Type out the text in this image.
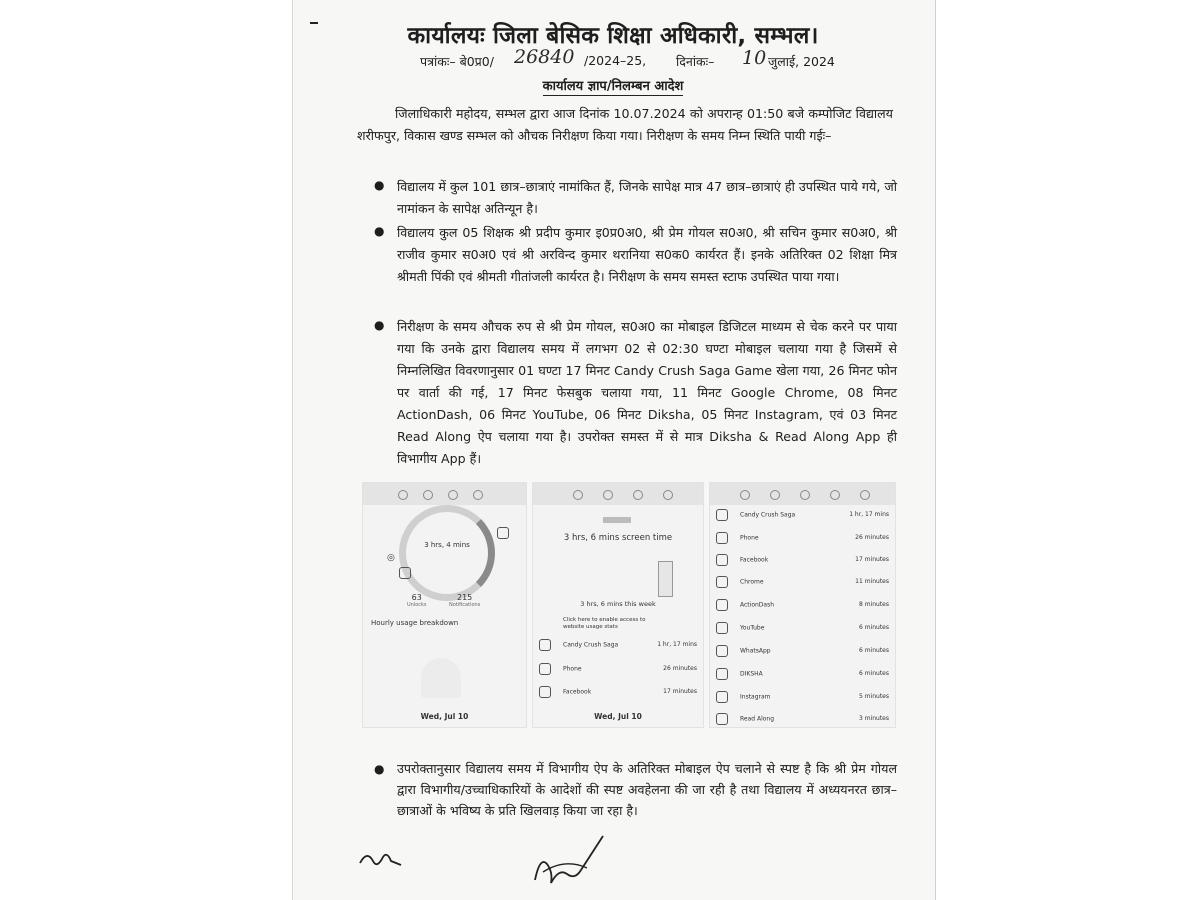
कार्यालयः जिला बेसिक शिक्षा अधिकारी, सम्भल।
पत्रांकः– बे0प्र0/ 26840 /2024–25, दिनांकः– 10 जुलाई, 2024
कार्यालय ज्ञाप/निलम्बन आदेश
जिलाधिकारी महोदय, सम्भल द्वारा आज दिनांक 10.07.2024 को अपरान्ह 01:50 बजे कम्पोजिट विद्यालय शरीफपुर, विकास खण्ड सम्भल को औचक निरीक्षण किया गया। निरीक्षण के समय निम्न स्थिति पायी गईः–
● विद्यालय में कुल 101 छात्र–छात्राएं नामांकित हैं, जिनके सापेक्ष मात्र 47 छात्र–छात्राएं ही उपस्थित पाये गये, जो नामांकन के सापेक्ष अतिन्यून है।
● विद्यालय कुल 05 शिक्षक श्री प्रदीप कुमार इ0प्र0अ0, श्री प्रेम गोयल स0अ0, श्री सचिन कुमार स0अ0, श्री राजीव कुमार स0अ0 एवं श्री अरविन्द कुमार थरानिया स0क0 कार्यरत हैं। इनके अतिरिक्त 02 शिक्षा मित्र श्रीमती पिंकी एवं श्रीमती गीतांजली कार्यरत है। निरीक्षण के समय समस्त स्टाफ उपस्थित पाया गया।
● निरीक्षण के समय औचक रुप से श्री प्रेम गोयल, स0अ0 का मोबाइल डिजिटल माध्यम से चेक करने पर पाया गया कि उनके द्वारा विद्यालय समय में लगभग 02 से 02:30 घण्टा मोबाइल चलाया गया है जिसमें से निम्नलिखित विवरणानुसार 01 घण्टा 17 मिनट Candy Crush Saga Game खेला गया, 26 मिनट फोन पर वार्ता की गई, 17 मिनट फेसबुक चलाया गया, 11 मिनट Google Chrome, 08 मिनट ActionDash, 06 मिनट YouTube, 06 मिनट Diksha, 05 मिनट Instagram, एवं 03 मिनट Read Along ऐप चलाया गया है। उपरोक्त समस्त में से मात्र Diksha & Read Along App ही विभागीय App हैं।
3 hrs, 4 mins
◎
63
Unlocks
215
Notifications
Hourly usage breakdown
Wed, Jul 10
3 hrs, 6 mins screen time
3 hrs, 6 mins this week
Click here to enable access to website usage stats
Candy Crush Saga	1 hr, 17 mins
Phone	26 minutes
Facebook	17 minutes
Wed, Jul 10
Candy Crush Saga	1 hr, 17 mins
Phone	26 minutes
Facebook	17 minutes
Chrome	11 minutes
ActionDash	8 minutes
YouTube	6 minutes
WhatsApp	6 minutes
DIKSHA	6 minutes
Instagram	5 minutes
Read Along	3 minutes
● उपरोक्तानुसार विद्यालय समय में विभागीय ऐप के अतिरिक्त मोबाइल ऐप चलाने से स्पष्ट है कि श्री प्रेम गोयल द्वारा विभागीय/उच्चाधिकारियों के आदेशों की स्पष्ट अवहेलना की जा रही है तथा विद्यालय में अध्ययनरत छात्र–छात्राओं के भविष्य के प्रति खिलवाड़ किया जा रहा है।
